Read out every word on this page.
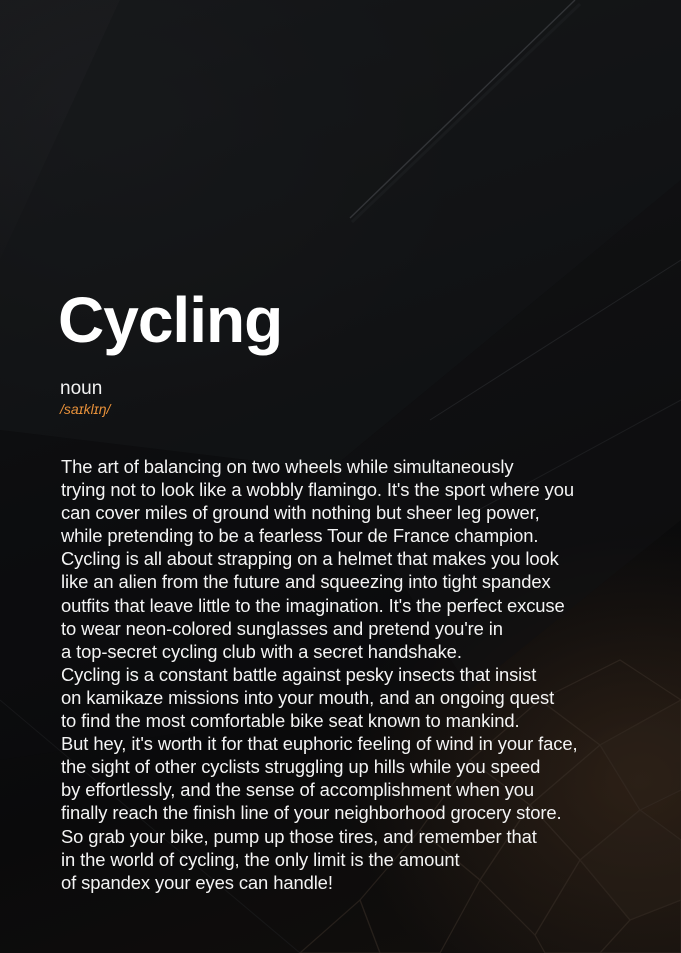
Cycling
noun
/saɪklɪŋ/
The art of balancing on two wheels while simultaneously
trying not to look like a wobbly flamingo. It's the sport where you
can cover miles of ground with nothing but sheer leg power,
while pretending to be a fearless Tour de France champion.
Cycling is all about strapping on a helmet that makes you look
like an alien from the future and squeezing into tight spandex
outfits that leave little to the imagination. It's the perfect excuse
to wear neon-colored sunglasses and pretend you're in
a top-secret cycling club with a secret handshake.
Cycling is a constant battle against pesky insects that insist
on kamikaze missions into your mouth, and an ongoing quest
to find the most comfortable bike seat known to mankind.
But hey, it's worth it for that euphoric feeling of wind in your face,
the sight of other cyclists struggling up hills while you speed
by effortlessly, and the sense of accomplishment when you
finally reach the finish line of your neighborhood grocery store.
So grab your bike, pump up those tires, and remember that
in the world of cycling, the only limit is the amount
of spandex your eyes can handle!
